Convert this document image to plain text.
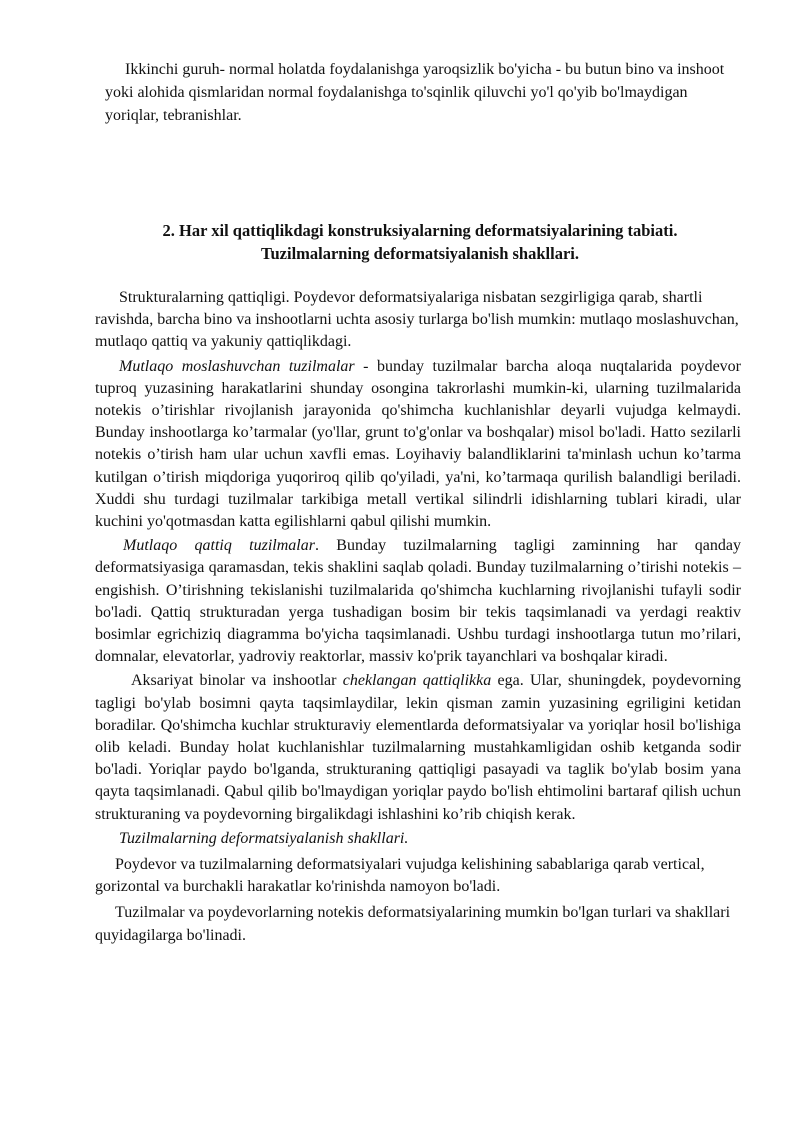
Ikkinchi guruh- normal holatda foydalanishga yaroqsizlik bo'yicha - bu butun bino va inshoot yoki alohida qismlaridan normal foydalanishga to'sqinlik qiluvchi yo'l qo'yib bo'lmaydigan yoriqlar, tebranishlar.

2. Har xil qattiqlikdagi konstruksiyalarning deformatsiyalarining tabiati.
Tuzilmalarning deformatsiyalanish shakllari.

Strukturalarning qattiqligi. Poydevor deformatsiyalariga nisbatan sezgirligiga qarab, shartli ravishda, barcha bino va inshootlarni uchta asosiy turlarga bo'lish mumkin: mutlaqo moslashuvchan, mutlaqo qattiq va yakuniy qattiqlikdagi.

Mutlaqo moslashuvchan tuzilmalar - bunday tuzilmalar barcha aloqa nuqtalarida poydevor tuproq yuzasining harakatlarini shunday osongina takrorlashi mumkin-ki, ularning tuzilmalarida notekis o’tirishlar rivojlanish jarayonida qo'shimcha kuchlanishlar deyarli vujudga kelmaydi. Bunday inshootlarga ko’tarmalar (yo'llar, grunt to'g'onlar va boshqalar) misol bo'ladi. Hatto sezilarli notekis o’tirish ham ular uchun xavfli emas. Loyihaviy balandliklarini ta'minlash uchun ko’tarma kutilgan o’tirish miqdoriga yuqoriroq qilib qo'yiladi, ya'ni, ko’tarmaqa qurilish balandligi beriladi. Xuddi shu turdagi tuzilmalar tarkibiga metall vertikal silindrli idishlarning tublari kiradi, ular kuchini yo'qotmasdan katta egilishlarni qabul qilishi mumkin.

Mutlaqo qattiq tuzilmalar. Bunday tuzilmalarning tagligi zaminning har qanday deformatsiyasiga qaramasdan, tekis shaklini saqlab qoladi. Bunday tuzilmalarning o’tirishi notekis – engishish. O’tirishning tekislanishi tuzilmalarida qo'shimcha kuchlarning rivojlanishi tufayli sodir bo'ladi. Qattiq strukturadan yerga tushadigan bosim bir tekis taqsimlanadi va yerdagi reaktiv bosimlar egrichiziq diagramma bo'yicha taqsimlanadi. Ushbu turdagi inshootlarga tutun mo’rilari, domnalar, elevatorlar, yadroviy reaktorlar, massiv ko'prik tayanchlari va boshqalar kiradi.

Aksariyat binolar va inshootlar cheklangan qattiqlikka ega. Ular, shuningdek, poydevorning tagligi bo'ylab bosimni qayta taqsimlaydilar, lekin qisman zamin yuzasining egriligini ketidan boradilar. Qo'shimcha kuchlar strukturaviy elementlarda deformatsiyalar va yoriqlar hosil bo'lishiga olib keladi. Bunday holat kuchlanishlar tuzilmalarning mustahkamligidan oshib ketganda sodir bo'ladi. Yoriqlar paydo bo'lganda, strukturaning qattiqligi pasayadi va taglik bo'ylab bosim yana qayta taqsimlanadi. Qabul qilib bo'lmaydigan yoriqlar paydo bo'lish ehtimolini bartaraf qilish uchun strukturaning va poydevorning birgalikdagi ishlashini ko’rib chiqish kerak.

Tuzilmalarning deformatsiyalanish shakllari.

Poydevor va tuzilmalarning deformatsiyalari vujudga kelishining sabablariga qarab vertical, gorizontal va burchakli harakatlar ko'rinishda namoyon bo'ladi.

Tuzilmalar va poydevorlarning notekis deformatsiyalarining mumkin bo'lgan turlari va shakllari quyidagilarga bo'linadi.
